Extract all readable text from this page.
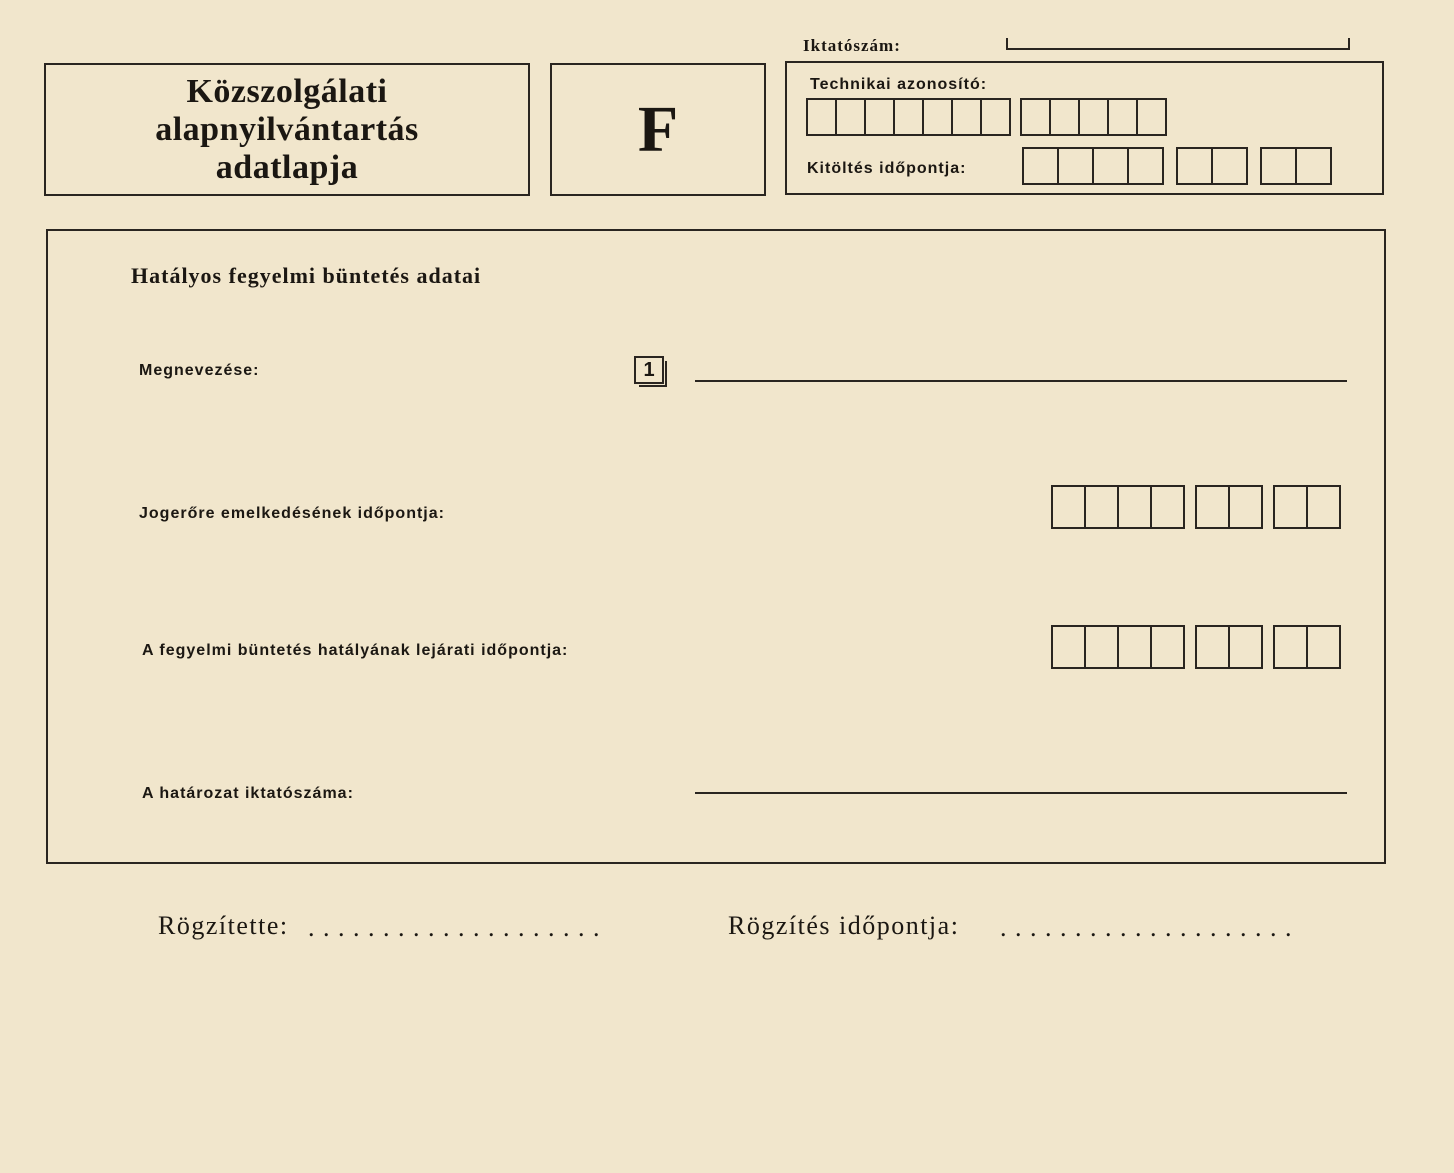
Iktatószám:
Közszolgálati
alapnyilvántartás
adatlapja
F
Technikai azonosító:
Kitöltés időpontja:
Hatályos fegyelmi büntetés adatai
Megnevezése:	1
Jogerőre emelkedésének időpontja:
A fegyelmi büntetés hatályának lejárati időpontja:
A határozat iktatószáma:
Rögzítette: . . . . . . . . . . . . . . . . . . . .	Rögzítés időpontja: . . . . . . . . . . . . . . . . . . . .
